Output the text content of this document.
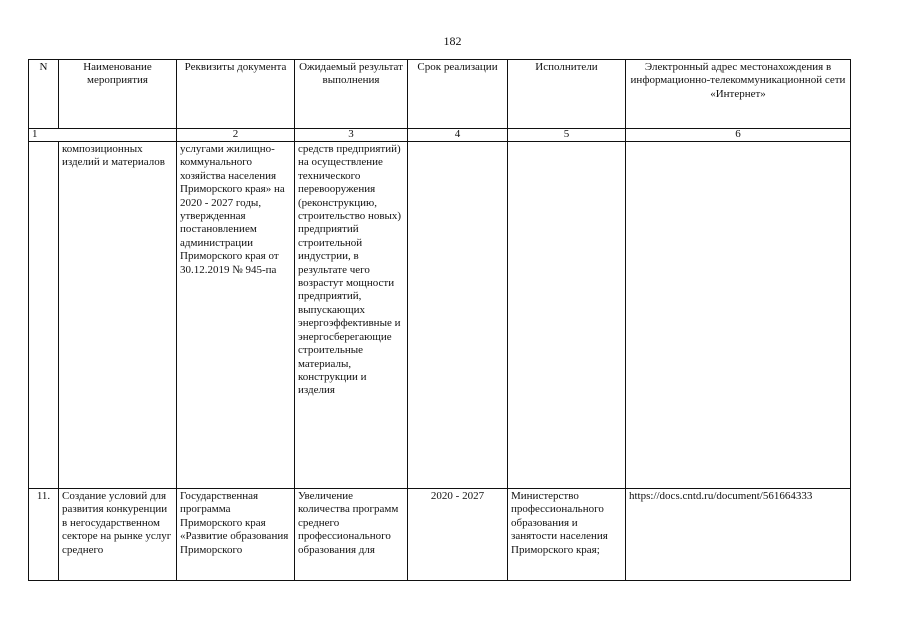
182
N	Наименование мероприятия	Реквизиты документа	Ожидаемый результат выполнения	Срок реализации	Исполнители	Электронный адрес местонахождения в информационно-телекоммуникационной сети «Интернет»
1		2	3	4	5	6
	композиционных изделий и материалов	услугами жилищно-коммунального хозяйства населения Приморского края» на 2020 - 2027 годы, утвержденная постановлением администрации Приморского края от 30.12.2019 № 945-па	средств предприятий) на осуществление технического перевооружения (реконструкцию, строительство новых) предприятий строительной индустрии, в результате чего возрастут мощности предприятий, выпускающих энергоэффективные и энергосберегающие строительные материалы, конструкции и изделия			
11.	Создание условий для развития конкуренции в негосударственном секторе на рынке услуг среднего	Государственная программа Приморского края «Развитие образования Приморского	Увеличение количества программ среднего профессионального образования для	2020 - 2027	Министерство профессионального образования и занятости населения Приморского края;	https://docs.cntd.ru/document/561664333
